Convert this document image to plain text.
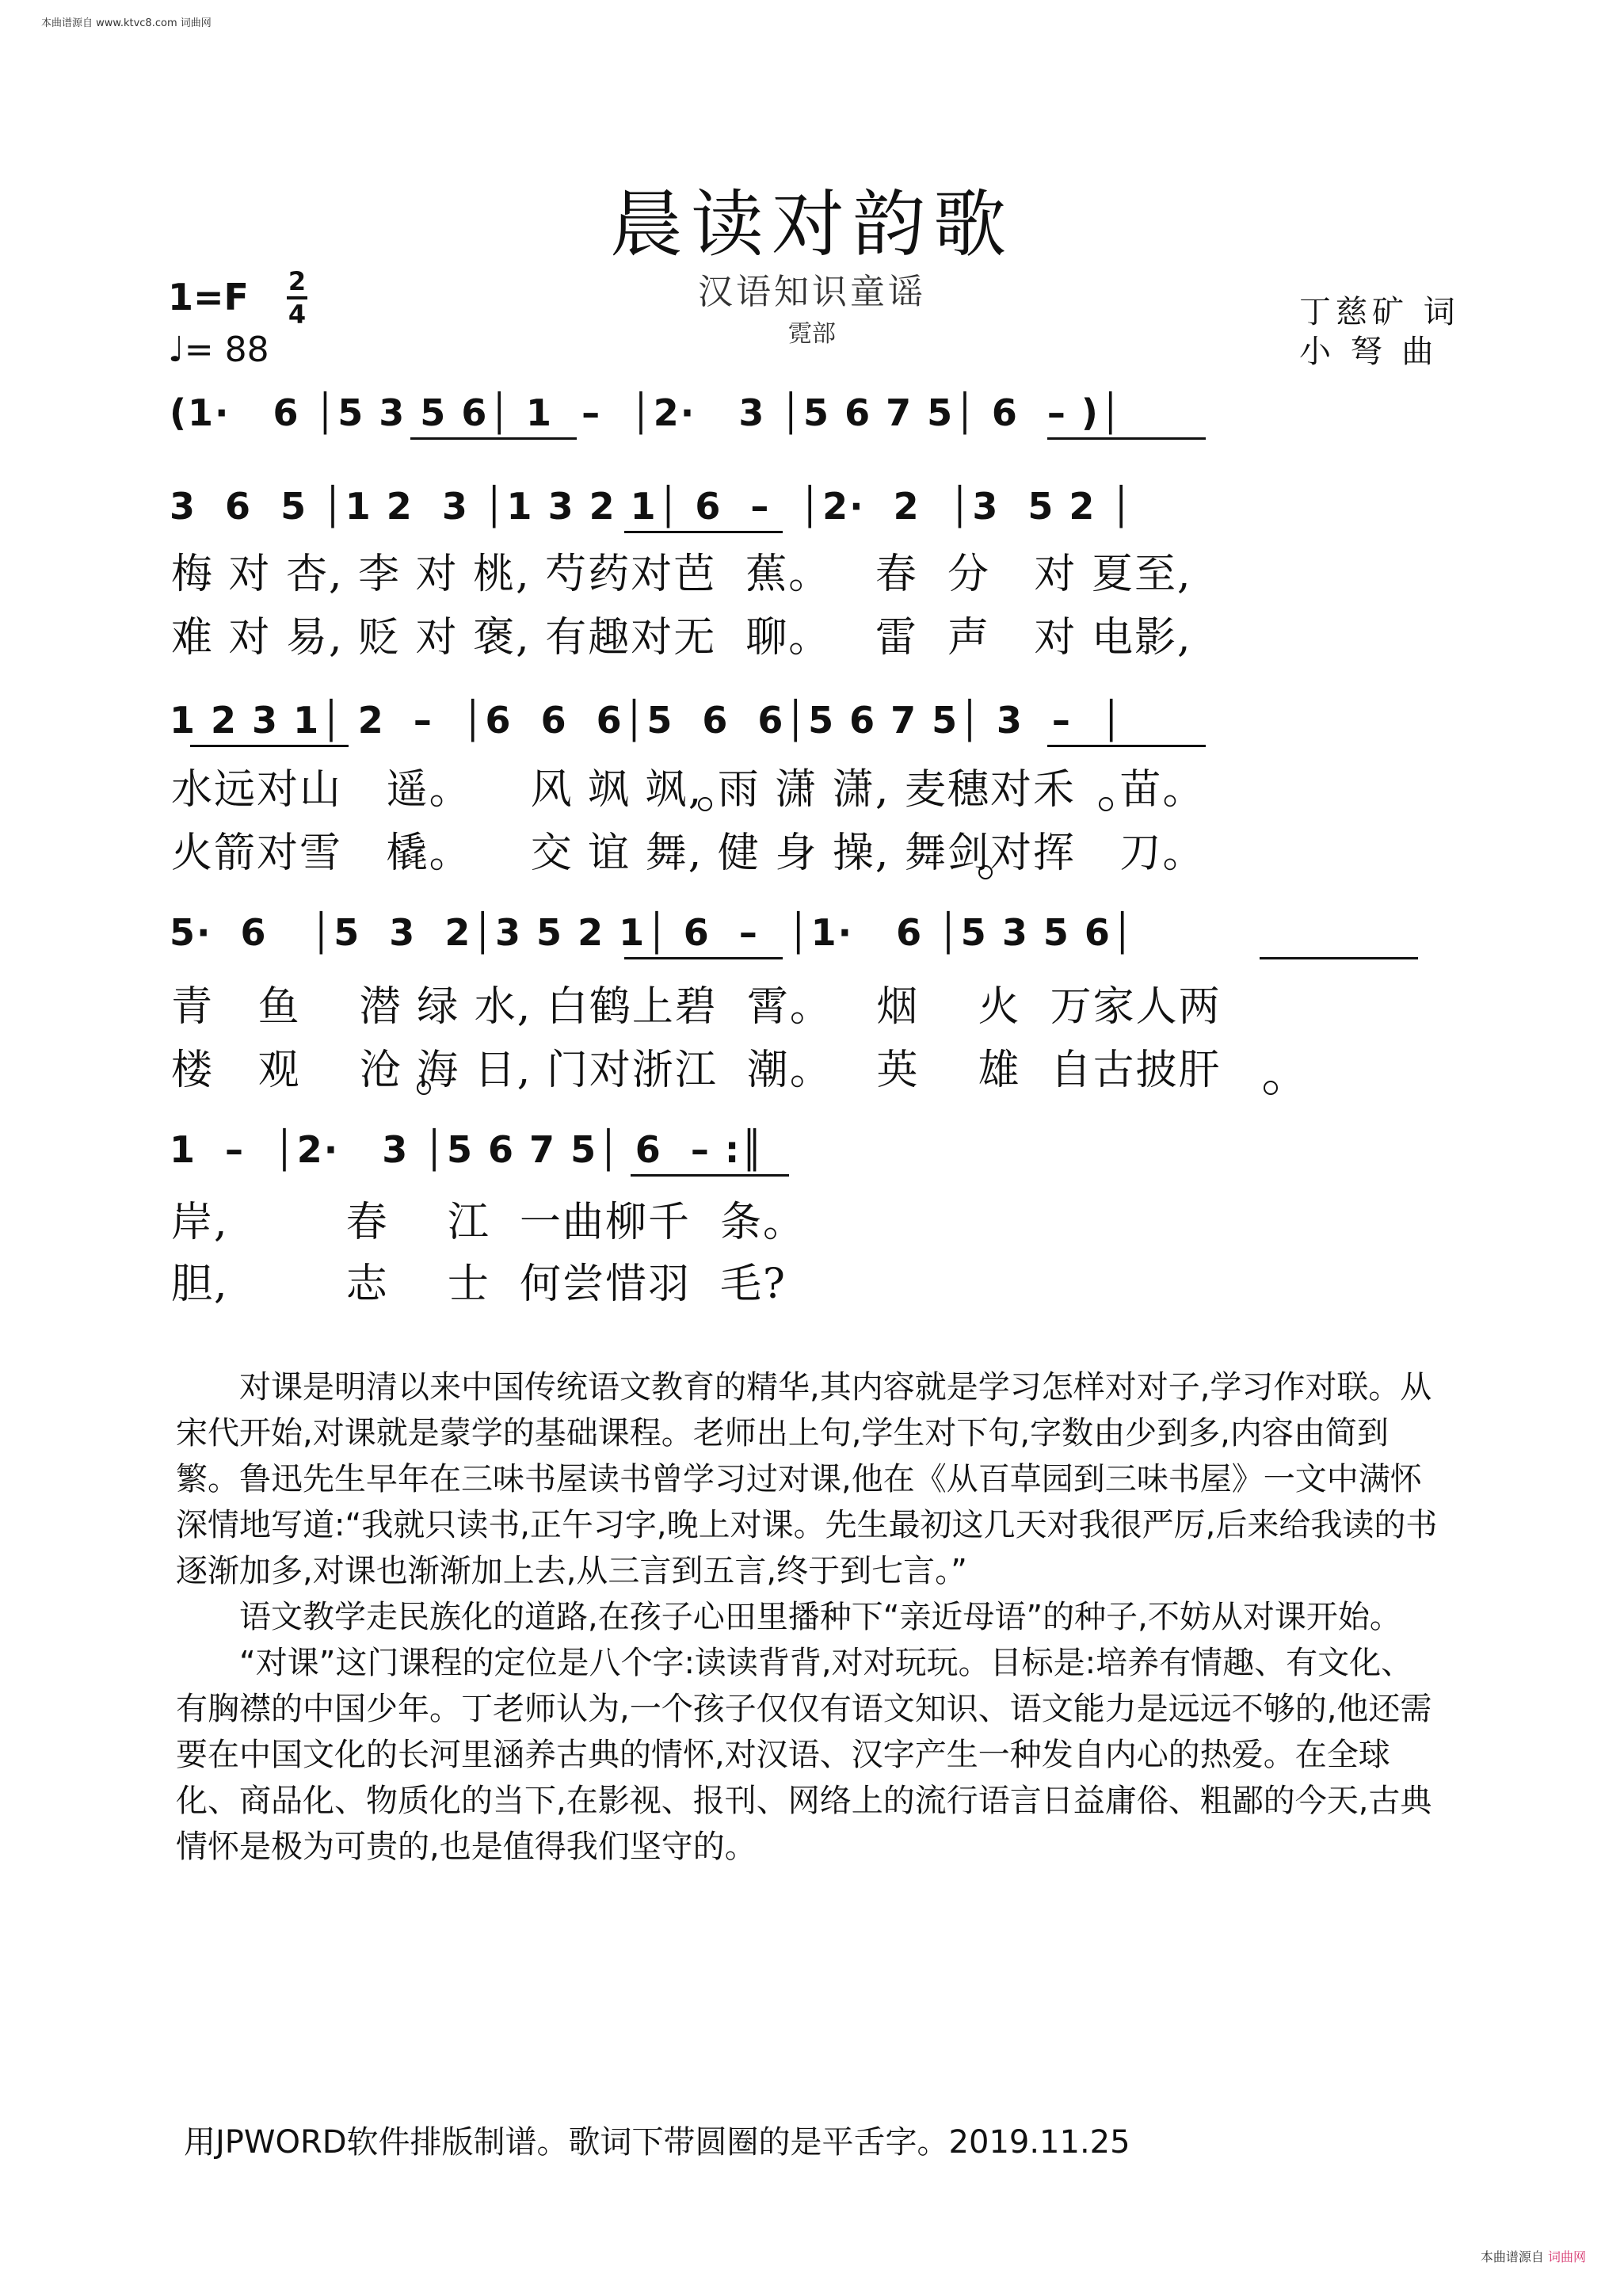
本曲谱源自 www.ktvc8.com 词曲网
晨读对韵歌
汉语知识童谣
霓部
1=F 2
4
♩= 88
丁慈矿 词
小 弩 曲
(1·   6 │5 3 5 6│ 1  –  │2·   3 │5 6 7 5│ 6  – )│
3  6  5 │1 2  3 │1 3 2 1│ 6  –  │2·  2  │3  5 2 │
梅 对 杏, 李 对 桃, 芍药对芭  蕉。   春  分   对 夏至,
难 对 易, 贬 对 褒, 有趣对无  聊。   雷  声   对 电影,
1 2 3 1│ 2  –  │6  6  6│5  6  6│5 6 7 5│ 3  –  │
水远对山   遥。    风 飒 飒, 雨 潇 潇, 麦穗对禾   苗。
火箭对雪   橇。    交 谊 舞, 健 身 操, 舞剑对挥   刀。
5·  6   │5  3  2│3 5 2 1│ 6  –  │1·   6 │5 3 5 6│
青   鱼    潜 绿 水, 白鹤上碧  霄。   烟    火  万家人两
楼   观    沧 海 日, 门对浙江  潮。   英    雄  自古披肝
1  –  │2·   3 │5 6 7 5│ 6  – :║
岸,        春    江  一曲柳千  条。
胆,        志    士  何尝惜羽  毛?

对课是明清以来中国传统语文教育的精华,其内容就是学习怎样对对子,学习作对联。从宋代开始,对课就是蒙学的基础课程。老师出上句,学生对下句,字数由少到多,内容由简到繁。鲁迅先生早年在三味书屋读书曾学习过对课,他在《从百草园到三味书屋》一文中满怀深情地写道:“我就只读书,正午习字,晚上对课。先生最初这几天对我很严厉,后来给我读的书逐渐加多,对课也渐渐加上去,从三言到五言,终于到七言。”

语文教学走民族化的道路,在孩子心田里播种下“亲近母语”的种子,不妨从对课开始。

“对课”这门课程的定位是八个字:读读背背,对对玩玩。目标是:培养有情趣、有文化、有胸襟的中国少年。丁老师认为,一个孩子仅仅有语文知识、语文能力是远远不够的,他还需要在中国文化的长河里涵养古典的情怀,对汉语、汉字产生一种发自内心的热爱。在全球化、商品化、物质化的当下,在影视、报刊、网络上的流行语言日益庸俗、粗鄙的今天,古典情怀是极为可贵的,也是值得我们坚守的。

用JPWORD软件排版制谱。歌词下带圆圈的是平舌字。2019.11.25
本曲谱源自 词曲网
